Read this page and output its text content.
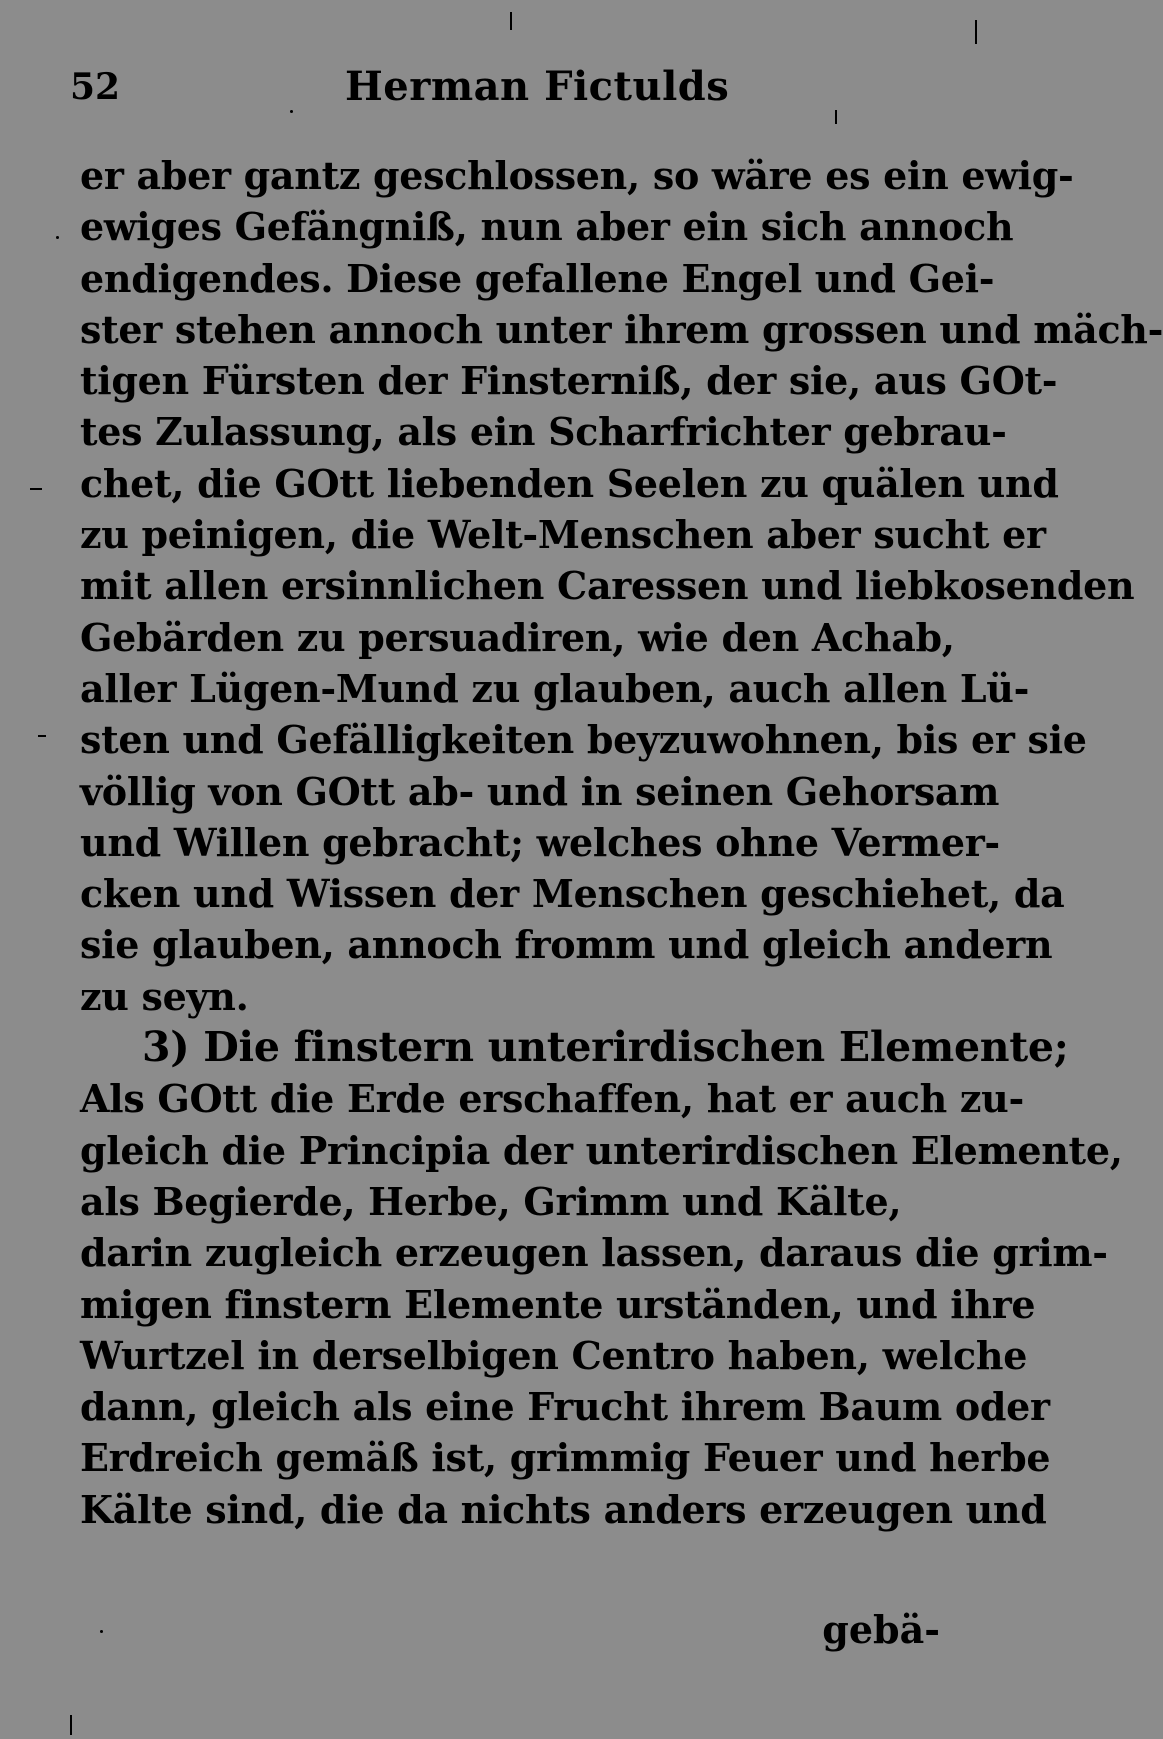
52	Herman Fictulds
er aber gantz geschlossen, so wäre es ein ewig-
ewiges Gefängniß, nun aber ein sich annoch
endigendes. Diese gefallene Engel und Gei-
ster stehen annoch unter ihrem grossen und mäch-
tigen Fürsten der Finsterniß, der sie, aus GOt-
tes Zulassung, als ein Scharfrichter gebrau-
chet, die GOtt liebenden Seelen zu quälen und
zu peinigen, die Welt-Menschen aber sucht er
mit allen ersinnlichen Caressen und liebkosenden
Gebärden zu persuadiren, wie den Achab,
aller Lügen-Mund zu glauben, auch allen Lü-
sten und Gefälligkeiten beyzuwohnen, bis er sie
völlig von GOtt ab- und in seinen Gehorsam
und Willen gebracht; welches ohne Vermer-
cken und Wissen der Menschen geschiehet, da
sie glauben, annoch fromm und gleich andern
zu seyn.
3) Die finstern unterirdischen Elemente;
Als GOtt die Erde erschaffen, hat er auch zu-
gleich die Principia der unterirdischen Elemente,
als Begierde, Herbe, Grimm und Kälte,
darin zugleich erzeugen lassen, daraus die grim-
migen finstern Elemente urständen, und ihre
Wurtzel in derselbigen Centro haben, welche
dann, gleich als eine Frucht ihrem Baum oder
Erdreich gemäß ist, grimmig Feuer und herbe
Kälte sind, die da nichts anders erzeugen und
gebä-
